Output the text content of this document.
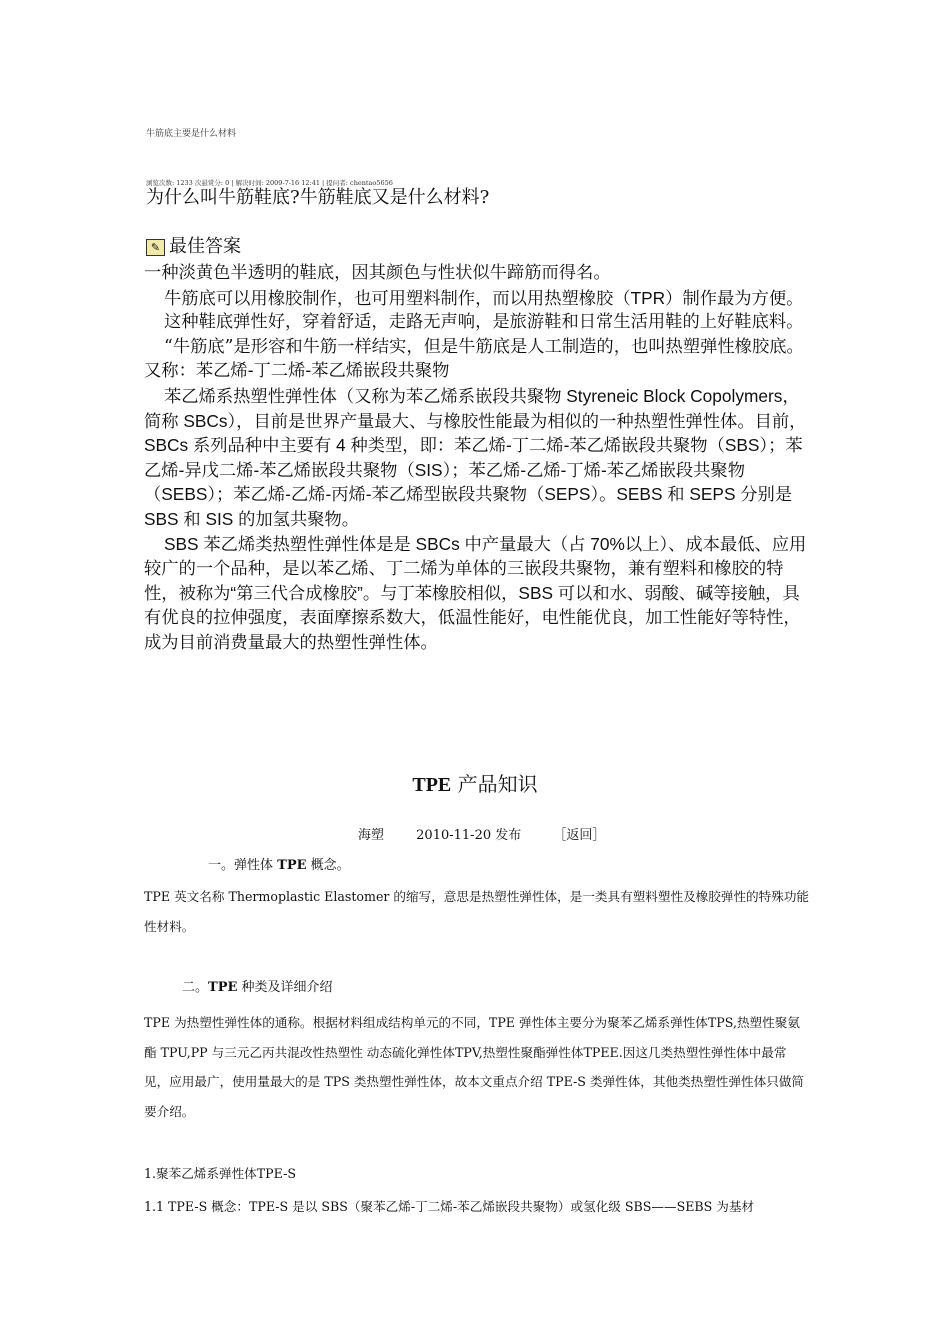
牛筋底主要是什么材料
浏览次数: 1233 次悬赏分: 0 | 解决时间: 2009-7-16 12:41 | 提问者: chentao5656
为什么叫牛筋鞋底?牛筋鞋底又是什么材料?
✎ 最佳答案

一种淡黄色半透明的鞋底，因其颜色与性状似牛蹄筋而得名。

牛筋底可以用橡胶制作，也可用塑料制作，而以用热塑橡胶（TPR）制作最为方便。

这种鞋底弹性好，穿着舒适，走路无声响，是旅游鞋和日常生活用鞋的上好鞋底料。

“牛筋底”是形容和牛筋一样结实，但是牛筋底是人工制造的，也叫热塑弹性橡胶底。又称：苯乙烯-丁二烯-苯乙烯嵌段共聚物

苯乙烯系热塑性弹性体（又称为苯乙烯系嵌段共聚物 Styreneic Block Copolymers，简称 SBCs），目前是世界产量最大、与橡胶性能最为相似的一种热塑性弹性体。目前，SBCs 系列品种中主要有 4 种类型，即：苯乙烯-丁二烯-苯乙烯嵌段共聚物（SBS）；苯乙烯-异戊二烯-苯乙烯嵌段共聚物（SIS）；苯乙烯-乙烯-丁烯-苯乙烯嵌段共聚物（SEBS）；苯乙烯-乙烯-丙烯-苯乙烯型嵌段共聚物（SEPS）。SEBS 和 SEPS 分别是 SBS 和 SIS 的加氢共聚物。

SBS 苯乙烯类热塑性弹性体是是 SBCs 中产量最大（占 70%以上）、成本最低、应用较广的一个品种，是以苯乙烯、丁二烯为单体的三嵌段共聚物，兼有塑料和橡胶的特性，被称为“第三代合成橡胶”。与丁苯橡胶相似，SBS 可以和水、弱酸、碱等接触，具有优良的拉伸强度，表面摩擦系数大，低温性能好，电性能优良，加工性能好等特性，成为目前消费量最大的热塑性弹性体。

TPE 产品知识
海塑 2010-11-20 发布 ［返回］
一。弹性体 TPE 概念。
TPE 英文名称 Thermoplastic Elastomer 的缩写，意思是热塑性弹性体，是一类具有塑料塑性及橡胶弹性的特殊功能性材料。
二。TPE 种类及详细介绍
TPE 为热塑性弹性体的通称。根据材料组成结构单元的不同，TPE 弹性体主要分为聚苯乙烯系弹性体TPS,热塑性聚氨酯 TPU,PP 与三元乙丙共混改性热塑性 动态硫化弹性体TPV,热塑性聚酯弹性体TPEE.因这几类热塑性弹性体中最常见，应用最广，使用量最大的是 TPS 类热塑性弹性体，故本文重点介绍 TPE-S 类弹性体，其他类热塑性弹性体只做简要介绍。
1.聚苯乙烯系弹性体TPE-S
1.1 TPE-S 概念：TPE-S 是以 SBS（聚苯乙烯-丁二烯-苯乙烯嵌段共聚物）或氢化级 SBS——SEBS 为基材
